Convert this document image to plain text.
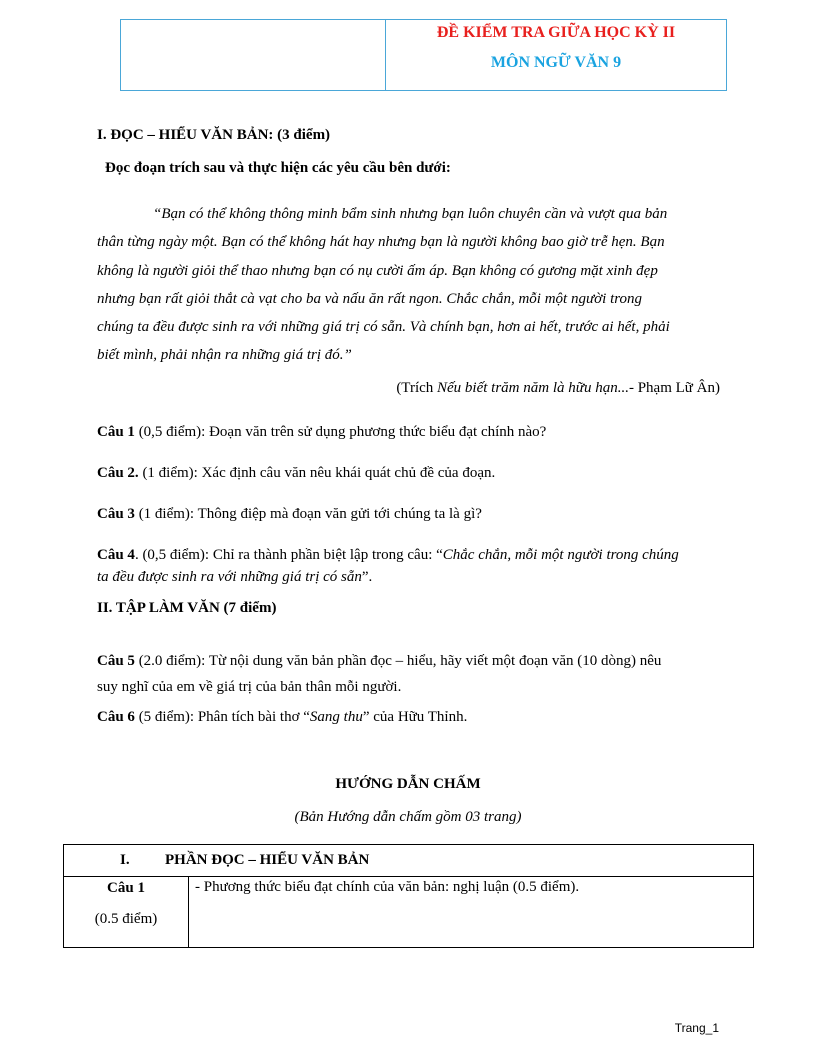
ĐỀ KIỂM TRA GIỮA HỌC KỲ II
MÔN NGỮ VĂN 9
I. ĐỌC – HIỂU VĂN BẢN: (3 điểm)
Đọc đoạn trích sau và thực hiện các yêu cầu bên dưới:
“Bạn có thể không thông minh bẩm sinh nhưng bạn luôn chuyên cần và vượt qua bản
thân từng ngày một. Bạn có thể không hát hay nhưng bạn là người không bao giờ trễ hẹn. Bạn
không là người giỏi thể thao nhưng bạn có nụ cười ấm áp. Bạn không có gương mặt xinh đẹp
nhưng bạn rất giỏi thắt cà vạt cho ba và nấu ăn rất ngon. Chắc chắn, mỗi một người trong
chúng ta đều được sinh ra với những giá trị có sẵn. Và chính bạn, hơn ai hết, trước ai hết, phải
biết mình, phải nhận ra những giá trị đó.”
(Trích Nếu biết trăm năm là hữu hạn...- Phạm Lữ Ân)
Câu 1 (0,5 điểm): Đoạn văn trên sử dụng phương thức biểu đạt chính nào?
Câu 2. (1 điểm): Xác định câu văn nêu khái quát chủ đề của đoạn.
Câu 3 (1 điểm): Thông điệp mà đoạn văn gửi tới chúng ta là gì?
Câu 4. (0,5 điểm): Chỉ ra thành phần biệt lập trong câu: “Chắc chắn, mỗi một người trong chúng
ta đều được sinh ra với những giá trị có sẵn”.
II. TẬP LÀM VĂN (7 điểm)
Câu 5 (2.0 điểm): Từ nội dung văn bản phần đọc – hiểu, hãy viết một đoạn văn (10 dòng) nêu
suy nghĩ của em về giá trị của bản thân mỗi người.
Câu 6 (5 điểm): Phân tích bài thơ “Sang thu” của Hữu Thỉnh.
HƯỚNG DẪN CHẤM
(Bản Hướng dẫn chấm gồm 03 trang)
I. PHẦN ĐỌC – HIỂU VĂN BẢN

Câu 1
(0.5 điểm)
	- Phương thức biểu đạt chính của văn bản: nghị luận (0.5 điểm).
Trang_1
